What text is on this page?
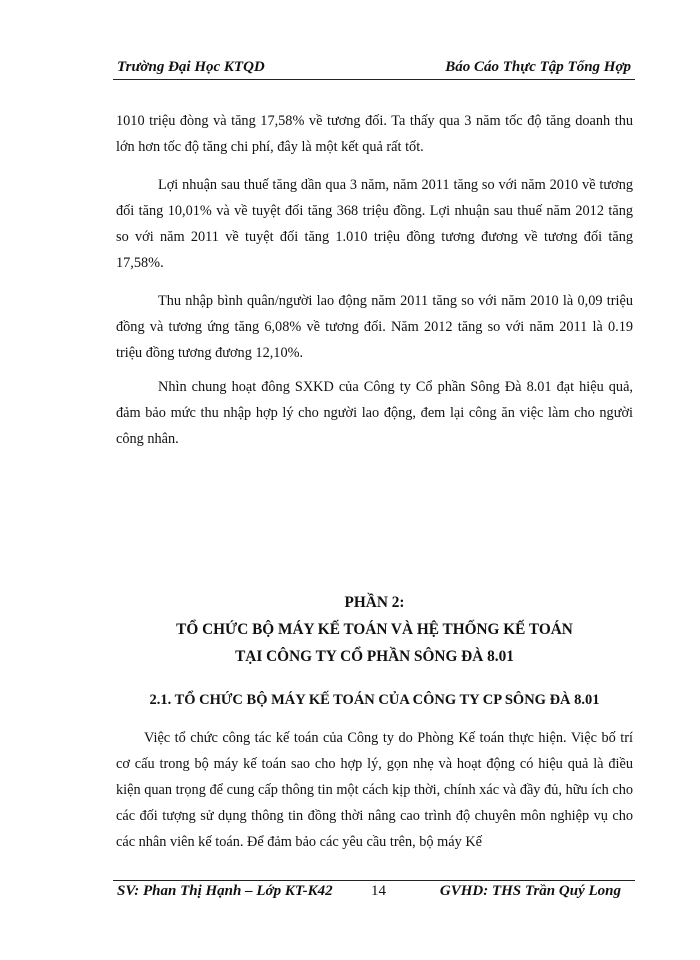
Trường Đại Học KTQD	Báo Cáo Thực Tập Tổng Hợp

1010 triệu đòng và tăng 17,58% về tương đối. Ta thấy qua 3 năm tốc độ tăng doanh thu lớn hơn tốc độ tăng chi phí, đây là một kết quả rất tốt.

Lợi nhuận sau thuế tăng dần qua 3 năm, năm 2011 tăng so với năm 2010 về tương đối tăng 10,01% và về tuyệt đối tăng 368 triệu đồng. Lợi nhuận sau thuế năm 2012 tăng so với năm 2011 về tuyệt đối tăng 1.010 triệu đồng tương đương về tương đối tăng 17,58%.

Thu nhập bình quân/người lao động năm 2011 tăng so với năm 2010 là 0,09 triệu đồng và tương ứng tăng 6,08% về tương đối. Năm 2012 tăng so với năm 2011 là 0.19 triệu đồng tương đương 12,10%.

Nhìn chung hoạt đông SXKD của Công ty Cổ phần Sông Đà 8.01 đạt hiệu quả, đảm bảo mức thu nhập hợp lý cho người lao động, đem lại công ăn việc làm cho người công nhân.

PHẦN 2:

TỔ CHỨC BỘ MÁY KẾ TOÁN VÀ HỆ THỐNG KẾ TOÁN

TẠI CÔNG TY CỔ PHẦN SÔNG ĐÀ 8.01

2.1. TỔ CHỨC BỘ MÁY KẾ TOÁN CỦA CÔNG TY CP SÔNG ĐÀ 8.01

Việc tổ chức công tác kế toán của Công ty do Phòng Kế toán thực hiện. Việc bố trí cơ cấu trong bộ máy kế toán sao cho hợp lý, gọn nhẹ và hoạt động có hiệu quả là điều kiện quan trọng để cung cấp thông tin một cách kịp thời, chính xác và đầy đủ, hữu ích cho các đối tượng sử dụng thông tin đồng thời nâng cao trình độ chuyên môn nghiệp vụ cho các nhân viên kế toán. Để đảm bảo các yêu cầu trên, bộ máy Kế

SV: Phan Thị Hạnh – Lớp KT-K42	14	GVHD: THS Trần Quý Long
